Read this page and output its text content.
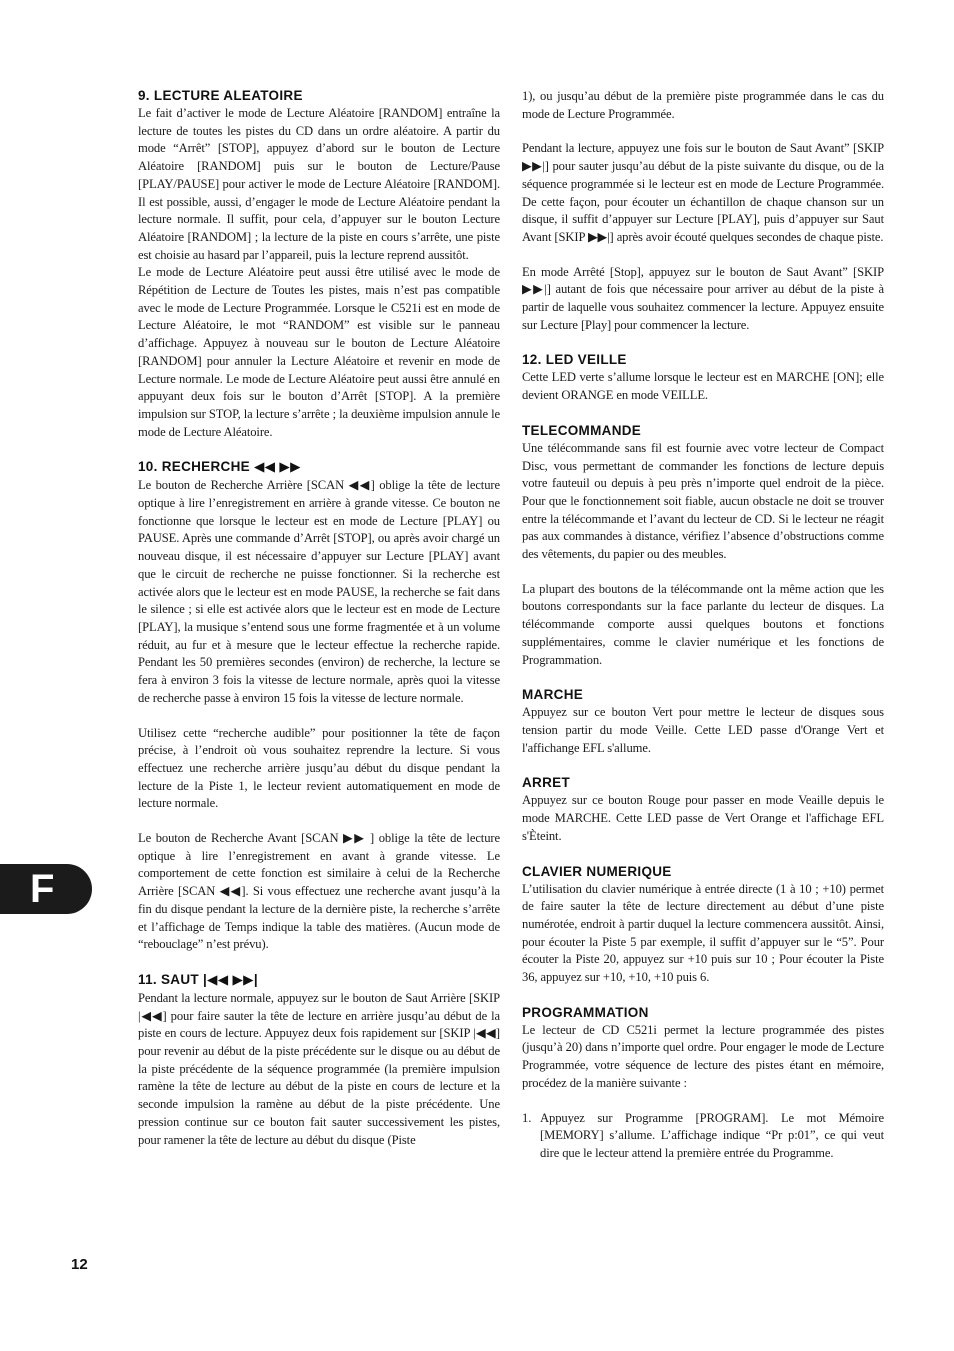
9. LECTURE ALEATOIRE

Le fait d’activer le mode de Lecture Aléatoire [RANDOM] entraîne la lecture de toutes les pistes du CD dans un ordre aléatoire. A partir du mode “Arrêt” [STOP], appuyez d’abord sur le bouton de Lecture Aléatoire [RANDOM] puis sur le bouton de Lecture/Pause [PLAY/PAUSE] pour activer le mode de Lecture Aléatoire [RANDOM]. Il est possible, aussi, d’engager le mode de Lecture Aléatoire pendant la lecture normale. Il suffit, pour cela, d’appuyer sur le bouton Lecture Aléatoire [RANDOM] ; la lecture de la piste en cours s’arrête, une piste est choisie au hasard par l’appareil, puis la lecture reprend aussitôt.

Le mode de Lecture Aléatoire peut aussi être utilisé avec le mode de Répétition de Lecture de Toutes les pistes, mais n’est pas compatible avec le mode de Lecture Programmée. Lorsque le C521i est en mode de Lecture Aléatoire, le mot “RANDOM” est visible sur le panneau d’affichage. Appuyez à nouveau sur le bouton de Lecture Aléatoire [RANDOM] pour annuler la Lecture Aléatoire et revenir en mode de Lecture normale. Le mode de Lecture Aléatoire peut aussi être annulé en appuyant deux fois sur le bouton d’Arrêt [STOP]. A la première impulsion sur STOP, la lecture s’arrête ; la deuxième impulsion annule le mode de Lecture Aléatoire.

10. RECHERCHE ◀◀ ▶▶

Le bouton de Recherche Arrière [SCAN ◀◀] oblige la tête de lecture optique à lire l’enregistrement en arrière à grande vitesse. Ce bouton ne fonctionne que lorsque le lecteur est en mode de Lecture [PLAY] ou PAUSE. Après une commande d’Arrêt [STOP], ou après avoir chargé un nouveau disque, il est nécessaire d’appuyer sur Lecture [PLAY] avant que le circuit de recherche ne puisse fonctionner. Si la recherche est activée alors que le lecteur est en mode PAUSE, la recherche se fait dans le silence ; si elle est activée alors que le lecteur est en mode de Lecture [PLAY], la musique s’entend sous une forme fragmentée et à un volume réduit, au fur et à mesure que le lecteur effectue la recherche rapide. Pendant les 50 premières secondes (environ) de recherche, la lecture se fera à environ 3 fois la vitesse de lecture normale, après quoi la vitesse de recherche passe à environ 15 fois la vitesse de lecture normale.

Utilisez cette “recherche audible” pour positionner la tête de façon précise, à l’endroit où vous souhaitez reprendre la lecture. Si vous effectuez une recherche arrière jusqu’au début du disque pendant la lecture de la Piste 1, le lecteur revient automatiquement en mode de lecture normale.

Le bouton de Recherche Avant [SCAN ▶▶ ] oblige la tête de lecture optique à lire l’enregistrement en avant à grande vitesse. Le comportement de cette fonction est similaire à celui de la Recherche Arrière [SCAN ◀◀]. Si vous effectuez une recherche avant jusqu’à la fin du disque pendant la lecture de la dernière piste, la recherche s’arrête et l’affichage de Temps indique la table des matières. (Aucun mode de “rebouclage” n’est prévu).

11. SAUT |◀◀ ▶▶|

Pendant la lecture normale, appuyez sur le bouton de Saut Arrière [SKIP |◀◀] pour faire sauter la tête de lecture en arrière jusqu’au début de la piste en cours de lecture. Appuyez deux fois rapidement sur [SKIP |◀◀] pour revenir au début de la piste précédente sur le disque ou au début de la piste précédente de la séquence programmée (la première impulsion ramène la tête de lecture au début de la piste en cours de lecture et la seconde impulsion la ramène au début de la piste précédente. Une pression continue sur ce bouton fait sauter successivement les pistes, pour ramener la tête de lecture au début du disque (Piste

1), ou jusqu’au début de la première piste programmée dans le cas du mode de Lecture Programmée.

Pendant la lecture, appuyez une fois sur le bouton de Saut Avant” [SKIP ▶▶|] pour sauter jusqu’au début de la piste suivante du disque, ou de la séquence programmée si le lecteur est en mode de Lecture Programmée. De cette façon, pour écouter un échantillon de chaque chanson sur un disque, il suffit d’appuyer sur Lecture [PLAY], puis d’appuyer sur Saut Avant [SKIP ▶▶|] après avoir écouté quelques secondes de chaque piste.

En mode Arrêté [Stop], appuyez sur le bouton de Saut Avant” [SKIP ▶▶|] autant de fois que nécessaire pour arriver au début de la piste à partir de laquelle vous souhaitez commencer la lecture. Appuyez ensuite sur Lecture [Play] pour commencer la lecture.

12. LED VEILLE

Cette LED verte s’allume lorsque le lecteur est en MARCHE [ON]; elle devient ORANGE en mode VEILLE.

TELECOMMANDE

Une télécommande sans fil est fournie avec votre lecteur de Compact Disc, vous permettant de commander les fonctions de lecture depuis votre fauteuil ou depuis à peu près n’importe quel endroit de la pièce. Pour que le fonctionnement soit fiable, aucun obstacle ne doit se trouver entre la télécommande et l’avant du lecteur de CD. Si le lecteur ne réagit pas aux commandes à distance, vérifiez l’absence d’obstructions comme des vêtements, du papier ou des meubles.

La plupart des boutons de la télécommande ont la même action que les boutons correspondants sur la face parlante du lecteur de disques. La télécommande comporte aussi quelques boutons et fonctions supplémentaires, comme le clavier numérique et les fonctions de Programmation.

MARCHE

Appuyez sur ce bouton Vert pour mettre le lecteur de disques sous tension partir du mode Veille. Cette LED passe d'Orange Vert et l'affichange EFL s'allume.

ARRET

Appuyez sur ce bouton Rouge pour passer en mode Veaille depuis le mode MARCHE. Cette LED passe de Vert Orange et l'affichage EFL s'Èteint.

CLAVIER NUMERIQUE

L’utilisation du clavier numérique à entrée directe (1 à 10 ; +10) permet de faire sauter la tête de lecture directement au début d’une piste numérotée, endroit à partir duquel la lecture commencera aussitôt. Ainsi, pour écouter la Piste 5 par exemple, il suffit d’appuyer sur le “5”. Pour écouter la Piste 20, appuyez sur +10 puis sur 10 ; Pour écouter la Piste 36, appuyez sur +10, +10, +10 puis 6.

PROGRAMMATION

Le lecteur de CD C521i permet la lecture programmée des pistes (jusqu’à 20) dans n’importe quel ordre. Pour engager le mode de Lecture Programmée, votre séquence de lecture des pistes étant en mémoire, procédez de la manière suivante :

1. Appuyez sur Programme [PROGRAM]. Le mot Mémoire [MEMORY] s’allume. L’affichage indique “Pr p:01”, ce qui veut dire que le lecteur attend la première entrée du Programme.

F
12
